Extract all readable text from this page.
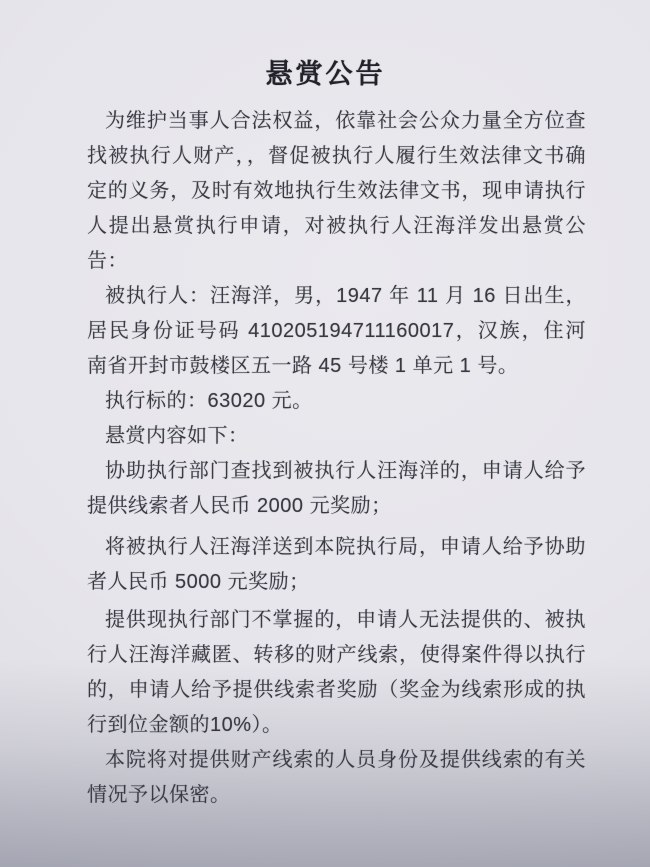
悬赏公告

为维护当事人合法权益，依靠社会公众力量全方位查找被执行人财产，，督促被执行人履行生效法律文书确定的义务，及时有效地执行生效法律文书，现申请执行人提出悬赏执行申请，对被执行人汪海洋发出悬赏公告：

被执行人：汪海洋，男，1947 年 11 月 16 日出生，居民身份证号码 410205194711160017，汉族，住河南省开封市鼓楼区五一路 45 号楼 1 单元 1 号。

执行标的：63020 元。

悬赏内容如下：

协助执行部门查找到被执行人汪海洋的，申请人给予提供线索者人民币 2000 元奖励；

将被执行人汪海洋送到本院执行局，申请人给予协助者人民币 5000 元奖励；

提供现执行部门不掌握的，申请人无法提供的、被执行人汪海洋藏匿、转移的财产线索，使得案件得以执行的，申请人给予提供线索者奖励（奖金为线索形成的执行到位金额的10%）。

本院将对提供财产线索的人员身份及提供线索的有关情况予以保密。
